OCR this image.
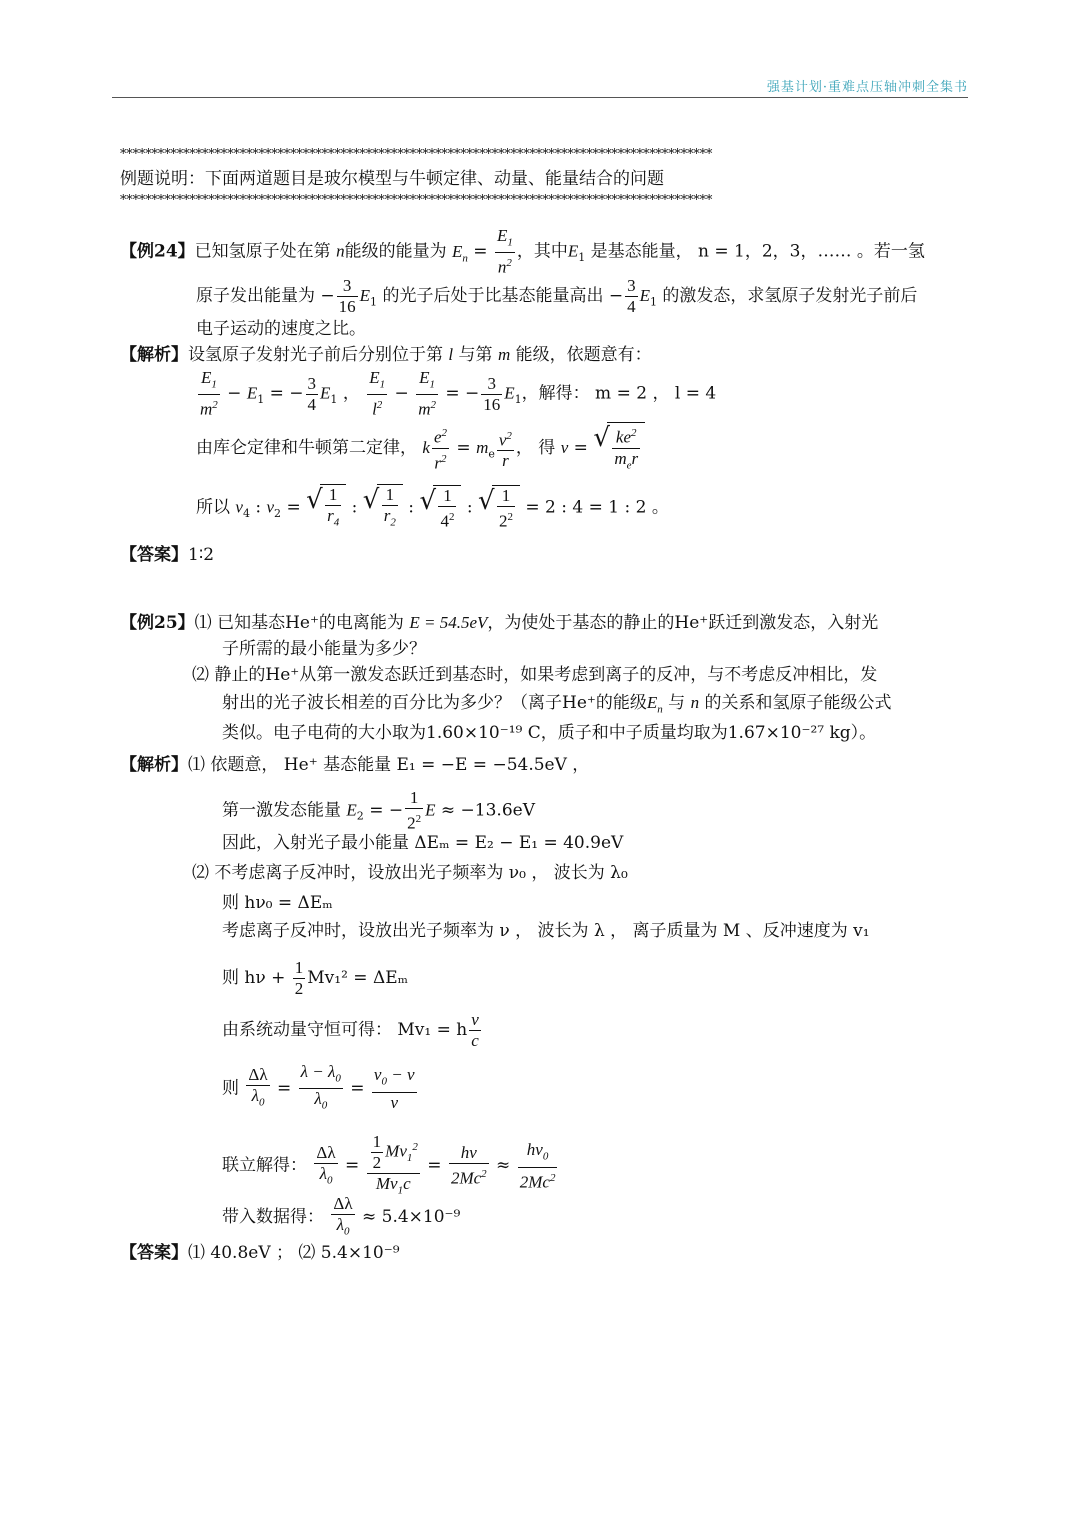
强基计划·重难点压轴冲刺全集书
**********************************************************************************************
例题说明：下面两道题目是玻尔模型与牛顿定律、动量、能量结合的问题
**********************************************************************************************
【例24】已知氢原子处在第 n能级的能量为 $E_n = \frac{E_1}{n^2}$ ，其中$E_1$ 是基态能量， n = 1，2，3，…… 。若一氢
原子发出能量为 − $\frac{3}{16} E_1$ 的光子后处于比基态能量高出 − $\frac{3}{4} E_1$ 的激发态，求氢原子发射光子前后
电子运动的速度之比。
【解析】设氢原子发射光子前后分别位于第 l 与第 m 能级，依题意有：
$\frac{E_1}{m^2} - E_1$ = − $\frac{3}{4} E_1$ ， $\frac{E_1}{l^2} - \frac{E_1}{m^2}$ = − $\frac{3}{16} E_1$，解得： m = 2 ， l = 4
由库仑定律和牛顿第二定律， k $\frac{e^2}{r^2} = m_e \frac{v^2}{r}$ ， 得 v = √ $\frac{ke^2}{m_er}$
所以 $v_4$ : $v_2$ = √ $\frac{1}{r_4}$ : √ $\frac{1}{r_2}$ : √ $\frac{1}{4^2}$ : √ $\frac{1}{2^2} = 2$ : 4 = 1 : 2 。
【答案】1∶2
【例25】⑴ 已知基态He⁺的电离能为 E = 54.5eV，为使处于基态的静止的He⁺跃迁到激发态，入射光
子所需的最小能量为多少？
⑵ 静止的He⁺从第一激发态跃迁到基态时，如果考虑到离子的反冲，与不考虑反冲相比，发
射出的光子波长相差的百分比为多少？（离子He⁺的能级$E_n$ 与 n 的关系和氢原子能级公式
类似。电子电荷的大小取为1.60×10⁻¹⁹ C，质子和中子质量均取为1.67×10⁻²⁷ kg）。
【解析】⑴ 依题意， He⁺ 基态能量 E₁ = −E = −54.5eV ，
第一激发态能量 $E_2$ = − $\frac{1}{2^2}$ E ≈ −13.6eV
因此，入射光子最小能量 ΔEₘ = E₂ − E₁ = 40.9eV
⑵ 不考虑离子反冲时，设放出光子频率为 ν₀ ， 波长为 λ₀
则 hν₀ = ΔEₘ
考虑离子反冲时，设放出光子频率为 ν ， 波长为 λ ， 离子质量为 M 、反冲速度为 v₁
则 $h\nu + \frac{1}{2} Mv_1^2 = \Delta E_m$
由系统动量守恒可得： Mv₁ = h $\frac{\nu}{c}$
则 $\frac{\Delta\lambda}{\lambda_0} = \frac{\lambda - \lambda_0}{\lambda_0} = \frac{\nu_0 - \nu}{\nu}$
联立解得： $\frac{\Delta\lambda}{\lambda_0} = \frac{\frac{1}{2} Mv_1^2}{Mv_1c} = \frac{h\nu}{2Mc^2} \approx \frac{h\nu_0}{2Mc^2}$
带入数据得： $\frac{\Delta\lambda}{\lambda_0} \approx 5.4\times 10^{-9}$
【答案】⑴ 40.8eV ； ⑵ 5.4×10⁻⁹
